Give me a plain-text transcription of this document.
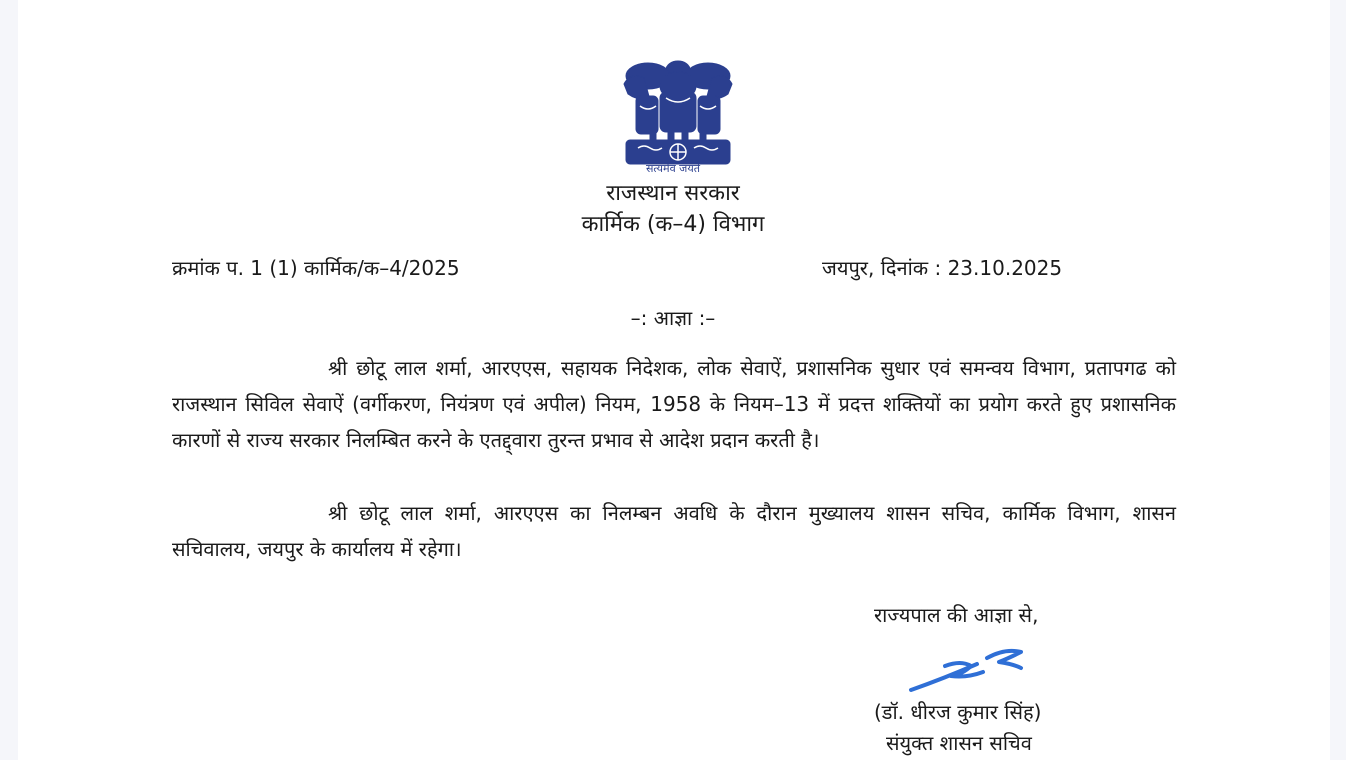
सत्यमेव जयते
राजस्थान सरकार
कार्मिक (क–4) विभाग
क्रमांक प. 1 (1) कार्मिक/क–4/2025	जयपुर, दिनांक : 23.10.2025
–: आज्ञा :–

श्री छोटू लाल शर्मा, आरएएस, सहायक निदेशक, लोक सेवाऐं, प्रशासनिक सुधार एवं समन्वय विभाग, प्रतापगढ को राजस्थान सिविल सेवाऐं (वर्गीकरण, नियंत्रण एवं अपील) नियम, 1958 के नियम–13 में प्रदत्त शक्तियों का प्रयोग करते हुए प्रशासनिक कारणों से राज्य सरकार निलम्बित करने के एतद्द्वारा तुरन्त प्रभाव से आदेश प्रदान करती है।

श्री छोटू लाल शर्मा, आरएएस का निलम्बन अवधि के दौरान मुख्यालय शासन सचिव, कार्मिक विभाग, शासन सचिवालय, जयपुर के कार्यालय में रहेगा।

राज्यपाल की आज्ञा से,
(डॉ. धीरज कुमार सिंह)
संयुक्त शासन सचिव
